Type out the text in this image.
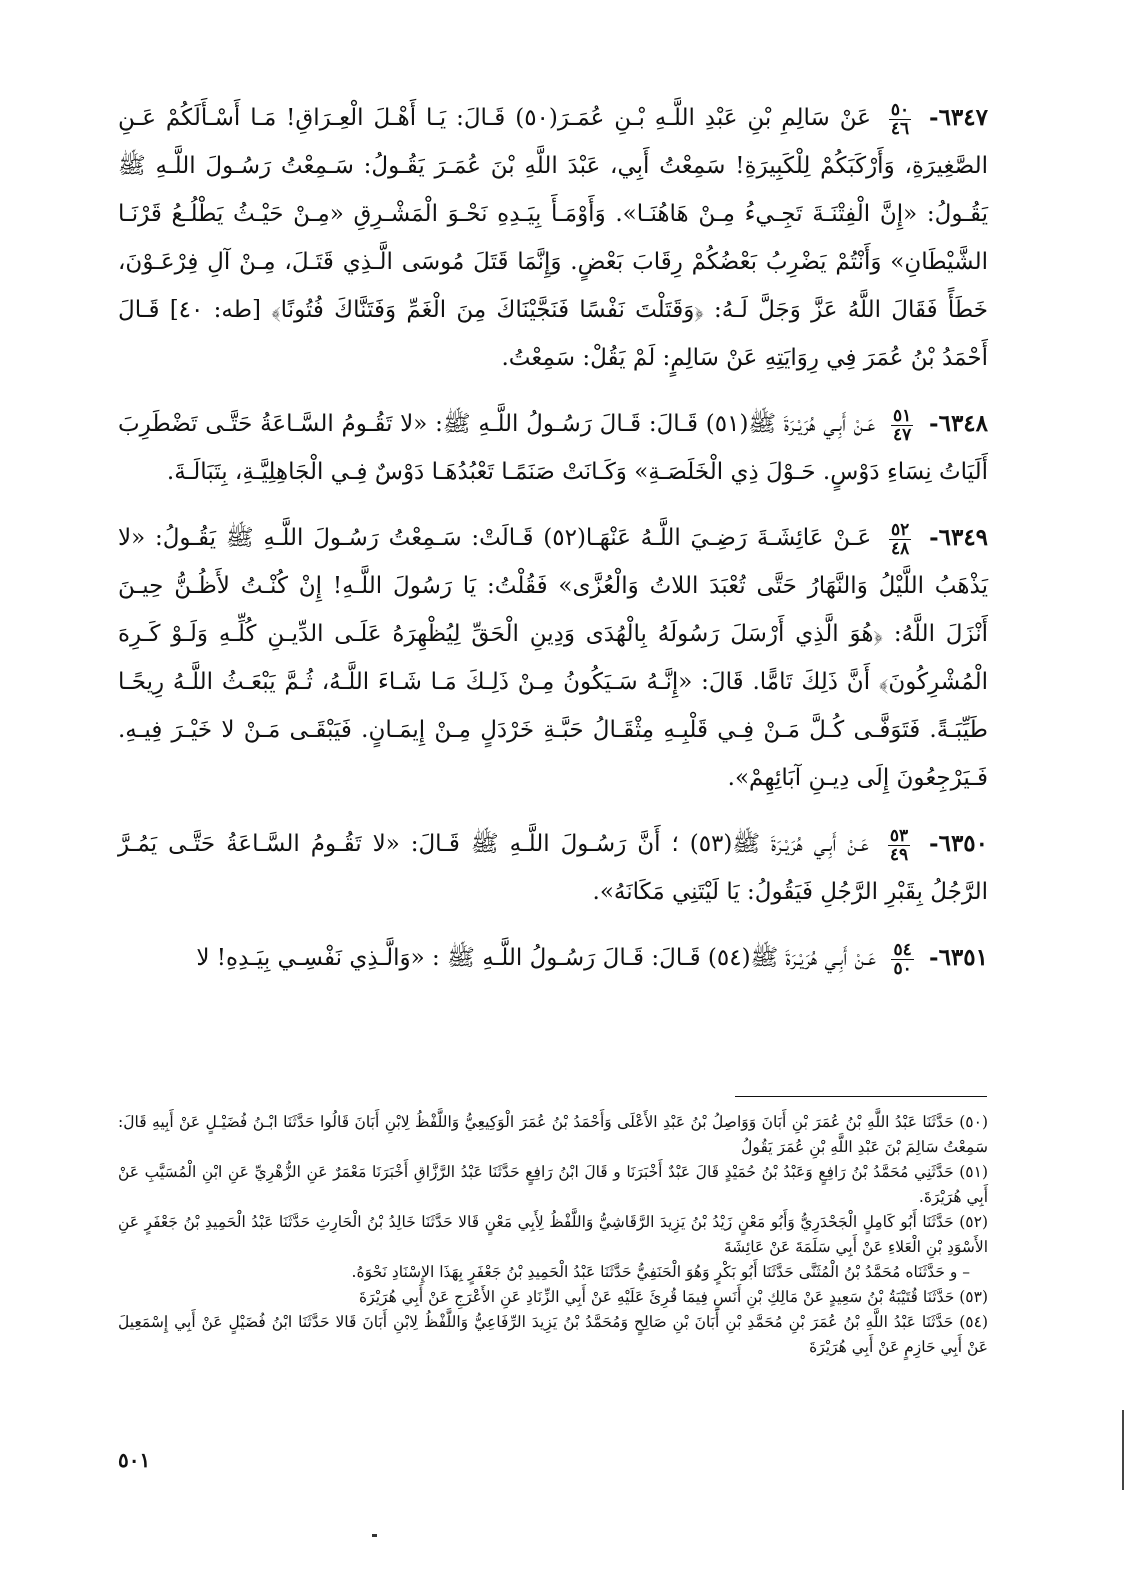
٦٣٤٧-
$\frac{٥٠}{٤٦}$
عَنْ سَالِمِ بْنِ عَبْدِ اللَّـهِ بْـنِ عُمَـرَ(٥٠) قَـالَ: يَـا أَهْـلَ الْعِـرَاقِ! مَـا أَسْـأَلَكُمْ عَـنِ الصَّغِيرَةِ، وَأَرْكَبَكُمْ لِلْكَبِيرَةِ! سَمِعْتُ أَبِي، عَبْدَ اللَّهِ بْنَ عُمَـرَ يَقُـولُ: سَـمِعْتُ رَسُـولَ اللَّـهِ ﷺ يَقُـولُ: «إِنَّ الْفِتْنَـةَ تَجِـيءُ مِـنْ هَاهُنَـا». وَأَوْمَـأَ بِيَـدِهِ نَحْـوَ الْمَشْـرِقِ «مِـنْ حَيْـثُ يَطْلُـعُ قَرْنَـا الشَّيْطَانِ» وَأَنْتُمْ يَضْرِبُ بَعْضُكُمْ رِقَابَ بَعْضٍ. وَإِنَّمَا قَتَلَ مُوسَى الَّـذِي قَتَـلَ، مِـنْ آلِ فِرْعَـوْنَ، خَطَأً فَقَالَ اللَّهُ عَزَّ وَجَلَّ لَـهُ: ﴿وَقَتَلْتَ نَفْسًا فَنَجَّيْنَاكَ مِنَ الْغَمِّ وَفَتَنَّاكَ فُتُونًا﴾ [طه: ٤٠] قَـالَ أَحْمَدُ بْنُ عُمَرَ فِي رِوَايَتِهِ عَنْ سَالِمٍ: لَمْ يَقُلْ: سَمِعْتُ.

٦٣٤٨-
$\frac{٥١}{٤٧}$
عَـنْ أَبِـي هُرَيْـرَةَ ﷺ(٥١) قَـالَ: قَـالَ رَسُـولُ اللَّـهِ ﷺ: «لا تَقُـومُ السَّـاعَةُ حَتَّـى تَضْطَرِبَ أَلَيَاتُ نِسَاءِ دَوْسٍ. حَـوْلَ ذِي الْخَلَصَـةِ» وَكَـانَتْ صَنَمًـا تَعْبُدُهَـا دَوْسٌ فِـي الْجَاهِلِيَّـةِ، بِتَبَالَـةَ.

٦٣٤٩-
$\frac{٥٢}{٤٨}$
عَـنْ عَائِشَـةَ رَضِـيَ اللَّـهُ عَنْهَـا(٥٢) قَـالَتْ: سَـمِعْتُ رَسُـولَ اللَّـهِ ﷺ يَقُـولُ: «لا يَذْهَبُ اللَّيْلُ وَالنَّهَارُ حَتَّى تُعْبَدَ اللاتُ وَالْعُزَّى» فَقُلْتُ: يَا رَسُولَ اللَّـهِ! إِنْ كُنْـتُ لأَظُـنُّ حِيـنَ أَنْزَلَ اللَّهُ: ﴿هُوَ الَّذِي أَرْسَلَ رَسُولَهُ بِالْهُدَى وَدِينِ الْحَقِّ لِيُظْهِرَهُ عَلَـى الدِّيـنِ كُلِّـهِ وَلَـوْ كَـرِهَ الْمُشْرِكُونَ﴾ أَنَّ ذَلِكَ تَامًّا. قَالَ: «إِنَّـهُ سَـيَكُونُ مِـنْ ذَلِـكَ مَـا شَـاءَ اللَّـهُ، ثُـمَّ يَبْعَـثُ اللَّـهُ رِيحًـا طَيِّبَـةً. فَتَوَفَّـى كُـلَّ مَـنْ فِـي قَلْبِـهِ مِثْقَـالُ حَبَّـةِ خَرْدَلٍ مِـنْ إِيمَـانٍ. فَيَبْقَـى مَـنْ لا خَيْـرَ فِيـهِ. فَـيَرْجِعُونَ إِلَى دِيـنِ آبَائِهِمْ».

٦٣٥٠-
$\frac{٥٣}{٤٩}$
عَـنْ أَبِـي هُرَيْـرَةَ ﷺ(٥٣) ؛ أَنَّ رَسُـولَ اللَّـهِ ﷺ قَـالَ: «لا تَقُـومُ السَّـاعَةُ حَتَّـى يَمُـرَّ الرَّجُلُ بِقَبْرِ الرَّجُلِ فَيَقُولُ: يَا لَيْتَنِي مَكَانَهُ».

٦٣٥١-
$\frac{٥٤}{٥٠}$
عَـنْ أَبِـي هُرَيْـرَةَ ﷺ(٥٤) قَـالَ: قَـالَ رَسُـولُ اللَّـهِ ﷺ : «وَالَّـذِي نَفْسِـي بِيَـدِهِ! لا

(٥٠) حَدَّثَنَا عَبْدُ اللَّهِ بْنُ عُمَرَ بْنِ أَبَانَ وَوَاصِلُ بْنُ عَبْدِ الأَعْلَى وَأَحْمَدُ بْنُ عُمَرَ الْوَكِيعِيُّ وَاللَّفْظُ لِابْنِ أَبَانَ قَالُوا حَدَّثَنَا ابْـنُ فُضَيْـلٍ عَنْ أَبِيهِ قَالَ: سَمِعْتُ سَالِمَ بْنَ عَبْدِ اللَّهِ بْنِ عُمَرَ يَقُولُ

(٥١) حَدَّثَنِي مُحَمَّدُ بْنُ رَافِعٍ وَعَبْدُ بْنُ حُمَيْدٍ قَالَ عَبْدٌ أَخْبَرَنَا و قَالَ ابْنُ رَافِعٍ حَدَّثَنَا عَبْدُ الرَّزَّاقِ أَخْبَرَنَا مَعْمَرٌ عَنِ الزُّهْرِيِّ عَنِ ابْنِ الْمُسَيَّبِ عَنْ أَبِي هُرَيْرَةَ.

(٥٢) حَدَّثَنَا أَبُو كَامِلٍ الْجَحْدَرِيُّ وَأَبُو مَعْنٍ زَيْدُ بْنُ يَزِيدَ الرَّقَاشِيُّ وَاللَّفْظُ لِأَبِي مَعْنٍ قَالا حَدَّثَنَا خَالِدُ بْنُ الْحَارِثِ حَدَّثَنَا عَبْدُ الْحَمِيدِ بْنُ جَعْفَرٍ عَنِ الأَسْوَدِ بْنِ الْعَلاءِ عَنْ أَبِي سَلَمَةَ عَنْ عَائِشَةَ

– و حَدَّثَنَاه مُحَمَّدُ بْنُ الْمُثَنَّى حَدَّثَنَا أَبُو بَكْرٍ وَهُوَ الْحَنَفِيُّ حَدَّثَنَا عَبْدُ الْحَمِيدِ بْنُ جَعْفَرٍ بِهَذَا الإِسْنَادِ نَحْوَهُ.

(٥٣) حَدَّثَنَا قُتَيْبَةُ بْنُ سَعِيدٍ عَنْ مَالِكِ بْنِ أَنَسٍ فِيمَا قُرِئَ عَلَيْهِ عَنْ أَبِي الزِّنَادِ عَنِ الأَعْرَجِ عَنْ أَبِي هُرَيْرَةَ

(٥٤) حَدَّثَنَا عَبْدُ اللَّهِ بْنُ عُمَرَ بْنِ مُحَمَّدِ بْنِ أَبَانَ بْنِ صَالِحٍ وَمُحَمَّدُ بْنُ يَزِيدَ الرِّفَاعِيُّ وَاللَّفْظُ لِابْنِ أَبَانَ قَالا حَدَّثَنَا ابْنُ فُضَيْلٍ عَنْ أَبِي إِسْمَعِيلَ عَنْ أَبِي حَازِمٍ عَنْ أَبِي هُرَيْرَةَ

٥٠١
